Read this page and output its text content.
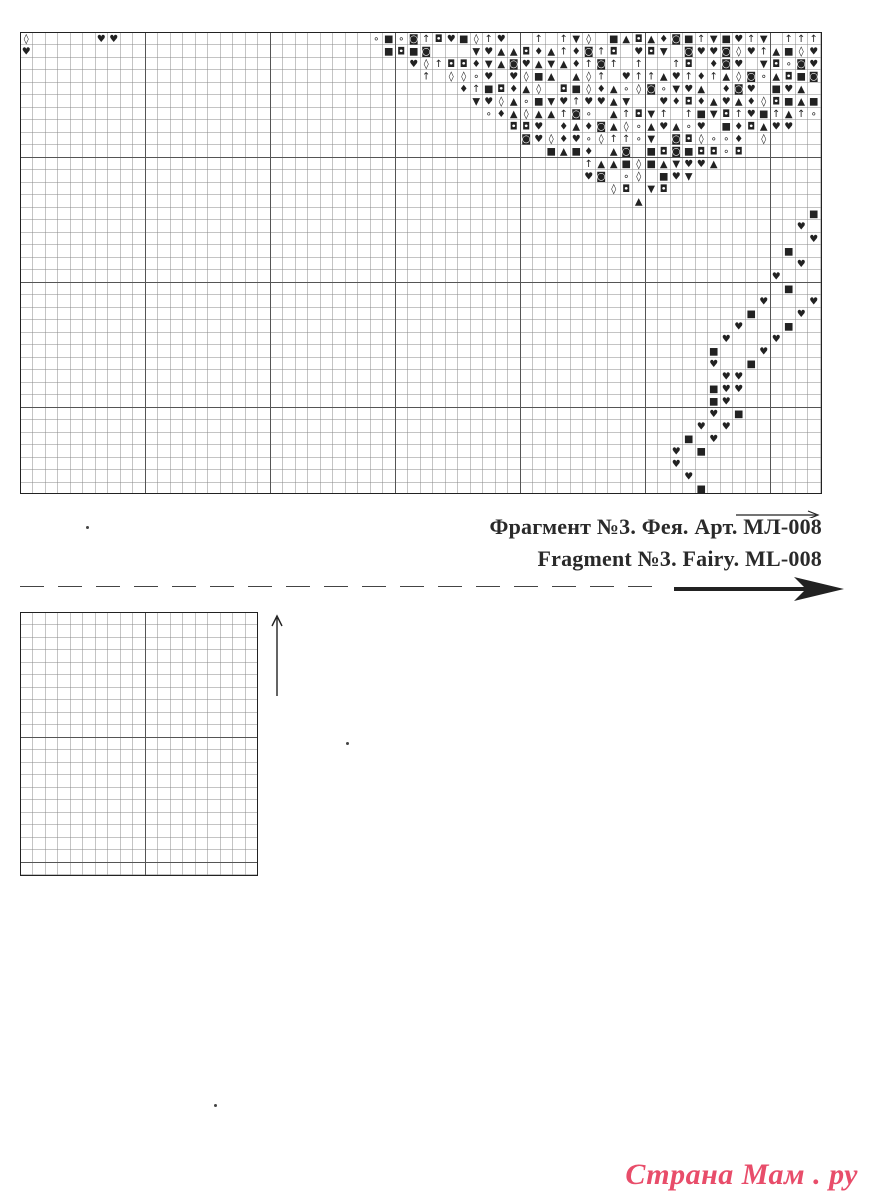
◊
♥
♥ ♥	∘ ■ ∘ ◙ ↑ ◘ ♥ ■ ◊ ↑ ♥	↑ ↑ ▼ ◊ ■ ▲ ◘ ▲ ♦ ◙ ■ ↑ ▼ ■ ♥ ↑ ▼ ↑ ↑ ↑
■ ◘ ■ ◙	▼ ♥ ▲ ▲ ◘ ♦ ▲ ↑ ♦ ◙ ↑ ◘ ♥ ◘ ▼ ◙ ♥ ♥ ◙ ◊ ♥ ↑ ▲ ■ ◊ ♥
♥ ◊ ↑ ◘ ◘ ♦ ▼ ▲ ◙ ♥ ▲ ▼ ▲ ♦ ↑ ◙ ↑ ↑	↑ ◘ ♦ ◙ ♥ ▼ ◘ ∘ ◙ ♥
↑ ◊ ◊ ∘ ♥ ♥ ◊ ■ ▲ ▲ ◊ ↑ ♥ ↑ ↑ ▲ ♥ ↑ ♦ ↑ ▲ ◊ ◙ ∘ ▲ ◘ ■ ◙
♦ ↑ ■ ◘ ♦ ▲ ◊ ◘ ■ ◊ ♦ ▲ ∘ ◊ ◙ ∘ ▼ ♥ ▲ ♦ ◙ ♥ ■ ♥ ▲
▼ ♥ ◊ ▲ ∘ ■ ▼ ♥ ↑ ♥ ♥ ▲ ▼	♥ ♦ ◘ ♦ ▲ ♥ ▲ ♦ ◊ ◘ ■ ▲ ■
∘ ♦ ▲ ◊ ▲ ▲ ↑ ◙ ∘ ▲ ↑ ◘ ▼ ↑ ↑ ■ ▼ ◘ ↑ ♥ ■ ↑ ▲ ↑ ∘
◘ ◘ ♥ ♦ ▲ ♦ ◙ ▲ ◊ ∘ ▲ ♥ ▲ ∘ ♥ ■ ♦ ◘ ▲ ♥ ♥
◙ ♥ ◊ ♦ ♥ ∘ ◊ ↑ ↑ ∘ ▼ ◙ ◘ ◊ ∘ ∘ ♦ ◊
■ ▲ ■ ♦ ▲ ◙ ■ ◘ ◙ ■ ◘ ◘ ∘ ◘
↑ ▲ ▲ ■ ◊ ■ ▲ ▼ ♥ ♥ ▲
♥ ◙ ∘ ◊ ■ ♥ ▼
◊ ◘ ▼ ◘
▲
■
♥
♥
■
♥
♥
■
♥	♥
■	♥
♥	■
♥	♥
■	♥
♥	■
♥ ♥
■ ♥ ♥
■ ♥
♥ ■
♥ ♥
■ ♥
♥ ■
♥
♥
■
Фрагмент №3. Фея. Арт. МЛ-008
Fragment №3. Fairy. ML-008
Страна Мам . ру
